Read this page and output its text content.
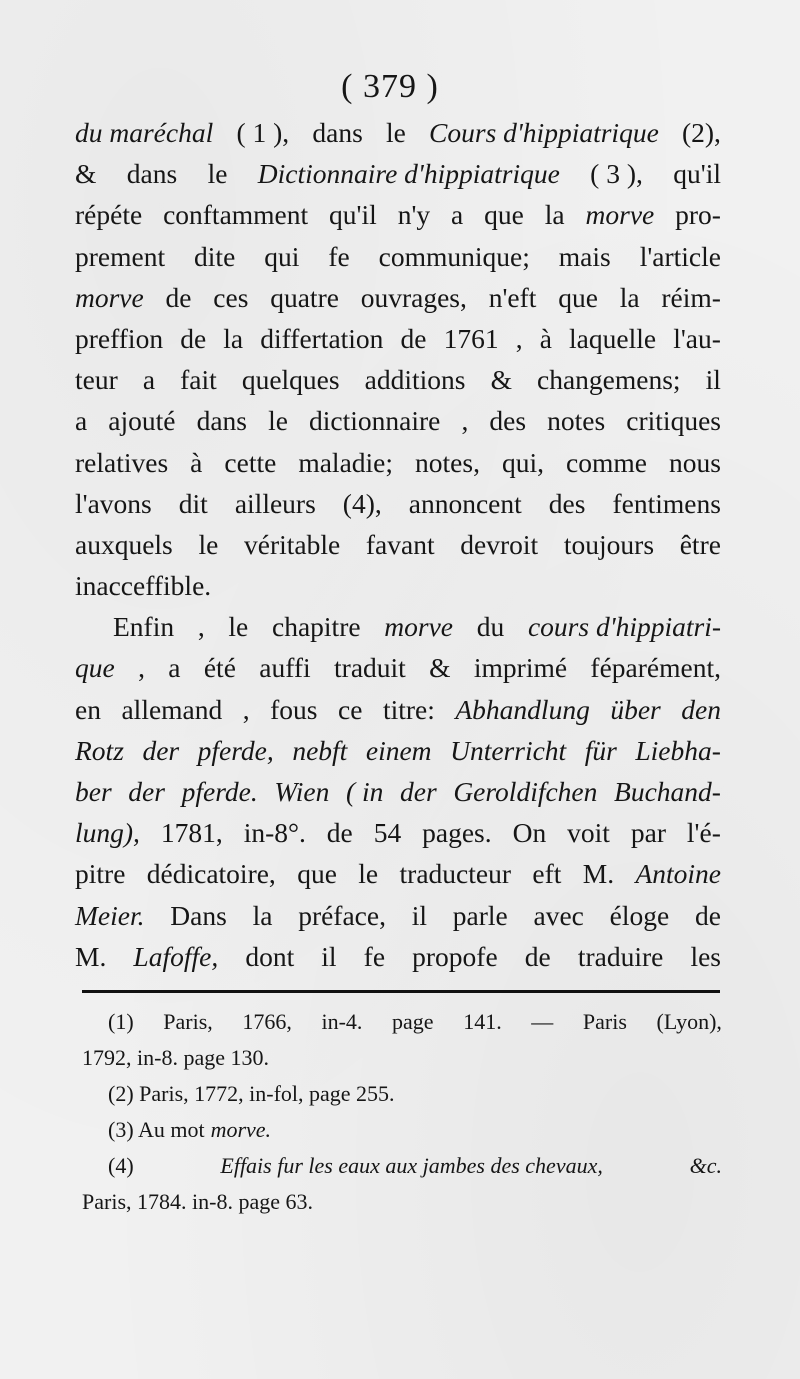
( 379 )
du maréchal ( 1 ), dans le Cours d'hippiatrique (2),
& dans le Dictionnaire d'hippiatrique ( 3 ), qu'il
répéte conftamment qu'il n'y a que la morve pro-
prement dite qui fe communique; mais l'article
morve de ces quatre ouvrages, n'eft que la réim-
preffion de la differtation de 1761 , à laquelle l'au-
teur a fait quelques additions & changemens; il
a ajouté dans le dictionnaire , des notes critiques
relatives à cette maladie; notes, qui, comme nous
l'avons dit ailleurs (4), annoncent des fentimens
auxquels le véritable favant devroit toujours être
inacceffible.
Enfin , le chapitre morve du cours d'hippiatri-
que , a été auffi traduit & imprimé féparément,
en allemand , fous ce titre: Abhandlung über den
Rotz der pferde, nebft einem Unterricht für Liebha-
ber der pferde. Wien ( in der Geroldifchen Buchand-
lung), 1781, in-8°. de 54 pages. On voit par l'é-
pitre dédicatoire, que le traducteur eft M. Antoine
Meier. Dans la préface, il parle avec éloge de
M. Lafoffe, dont il fe propofe de traduire les
(1) Paris, 1766, in-4. page 141. — Paris (Lyon),
1792, in-8. page 130.
(2) Paris, 1772, in-fol, page 255.
(3) Au mot morve.
(4)	Effais fur les eaux aux jambes des chevaux,	&c.
Paris, 1784. in-8. page 63.
